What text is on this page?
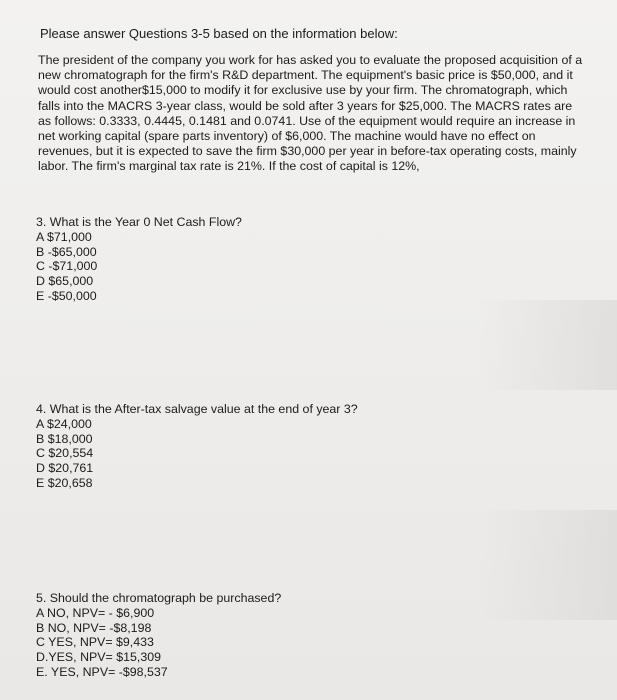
Please answer Questions 3-5 based on the information below:
The president of the company you work for has asked you to evaluate the proposed acquisition of a new chromatograph for the firm's R&D department. The equipment's basic price is $50,000, and it would cost another$15,000 to modify it for exclusive use by your firm. The chromatograph, which falls into the MACRS 3-year class, would be sold after 3 years for $25,000. The MACRS rates are as follows: 0.3333, 0.4445, 0.1481 and 0.0741. Use of the equipment would require an increase in net working capital (spare parts inventory) of $6,000. The machine would have no effect on revenues, but it is expected to save the firm $30,000 per year in before-tax operating costs, mainly labor. The firm's marginal tax rate is 21%. If the cost of capital is 12%,
3. What is the Year 0 Net Cash Flow?
A $71,000
B -$65,000
C -$71,000
D $65,000
E -$50,000
4. What is the After-tax salvage value at the end of year 3?
A $24,000
B $18,000
C $20,554
D $20,761
E $20,658
5. Should the chromatograph be purchased?
A NO, NPV= - $6,900
B NO, NPV= -$8,198
C YES, NPV= $9,433
D.YES, NPV= $15,309
E. YES, NPV= -$98,537
